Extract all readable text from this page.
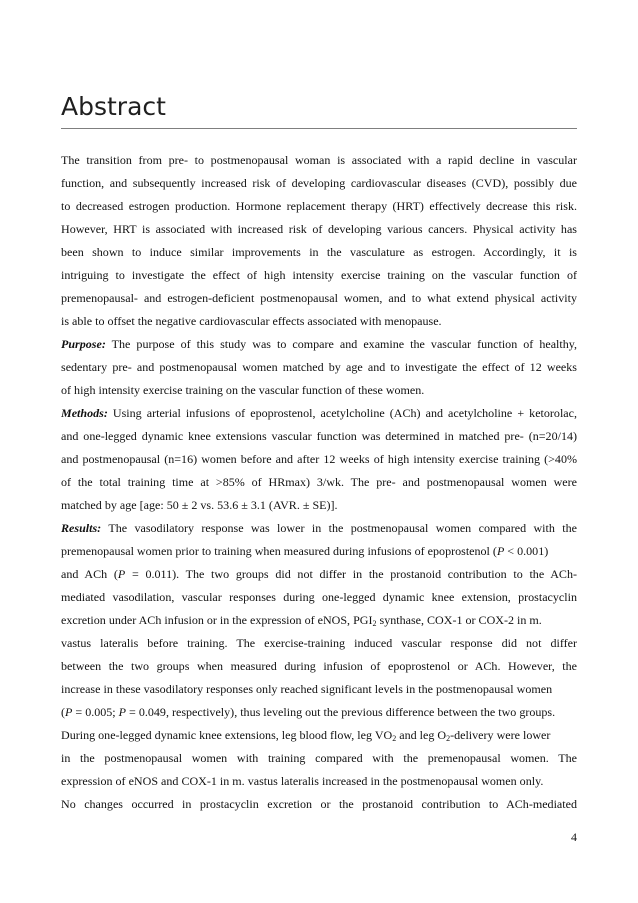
Abstract
The transition from pre- to postmenopausal woman is associated with a rapid decline in vascular
function, and subsequently increased risk of developing cardiovascular diseases (CVD), possibly due
to decreased estrogen production. Hormone replacement therapy (HRT) effectively decrease this risk.
However, HRT is associated with increased risk of developing various cancers. Physical activity has
been shown to induce similar improvements in the vasculature as estrogen. Accordingly, it is
intriguing to investigate the effect of high intensity exercise training on the vascular function of
premenopausal- and estrogen-deficient postmenopausal women, and to what extend physical activity
is able to offset the negative cardiovascular effects associated with menopause.
Purpose: The purpose of this study was to compare and examine the vascular function of healthy,
sedentary pre- and postmenopausal women matched by age and to investigate the effect of 12 weeks
of high intensity exercise training on the vascular function of these women.
Methods: Using arterial infusions of epoprostenol, acetylcholine (ACh) and acetylcholine + ketorolac,
and one-legged dynamic knee extensions vascular function was determined in matched pre- (n=20/14)
and postmenopausal (n=16) women before and after 12 weeks of high intensity exercise training (>40%
of the total training time at >85% of HRmax) 3/wk. The pre- and postmenopausal women were
matched by age [age: 50 ± 2 vs. 53.6 ± 3.1 (AVR. ± SE)].
Results: The vasodilatory response was lower in the postmenopausal women compared with the
premenopausal women prior to training when measured during infusions of epoprostenol (P < 0.001)
and ACh (P = 0.011). The two groups did not differ in the prostanoid contribution to the ACh-
mediated vasodilation, vascular responses during one-legged dynamic knee extension, prostacyclin
excretion under ACh infusion or in the expression of eNOS, $PGI_2$ synthase, COX-1 or COX-2 in m.
vastus lateralis before training. The exercise-training induced vascular response did not differ
between the two groups when measured during infusion of epoprostenol or ACh. However, the
increase in these vasodilatory responses only reached significant levels in the postmenopausal women
(P = 0.005; P = 0.049, respectively), thus leveling out the previous difference between the two groups.
During one-legged dynamic knee extensions, leg blood flow, leg $VO_2$ and leg $O_2$-delivery were lower
in the postmenopausal women with training compared with the premenopausal women. The
expression of eNOS and COX-1 in m. vastus lateralis increased in the postmenopausal women only.
No changes occurred in prostacyclin excretion or the prostanoid contribution to ACh-mediated
4
